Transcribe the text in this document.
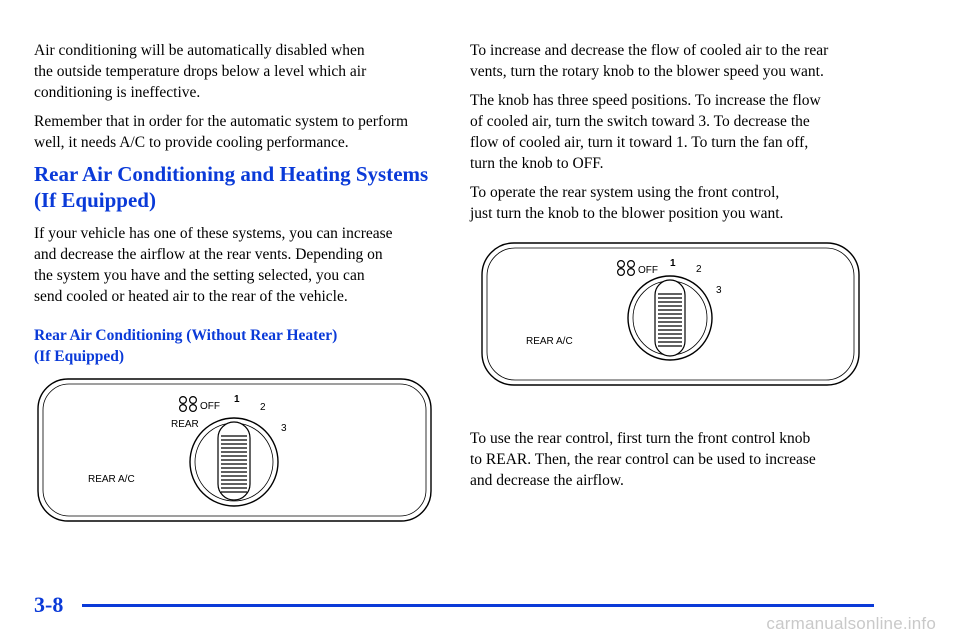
Air conditioning will be automatically disabled when
the outside temperature drops below a level which air
conditioning is ineffective.

Remember that in order for the automatic system to perform
well, it needs A/C to provide cooling performance.

Rear Air Conditioning and Heating Systems
(If Equipped)

If your vehicle has one of these systems, you can increase
and decrease the airflow at the rear vents. Depending on
the system you have and the setting selected, you can
send cooled or heated air to the rear of the vehicle.

Rear Air Conditioning (Without Rear Heater)
(If Equipped)

To increase and decrease the flow of cooled air to the rear
vents, turn the rotary knob to the blower speed you want.

The knob has three speed positions. To increase the flow
of cooled air, turn the switch toward 3. To decrease the
flow of cooled air, turn it toward 1. To turn the fan off,
turn the knob to OFF.

To operate the rear system using the front control,
just turn the knob to the blower position you want.

To use the rear control, first turn the front control knob
to REAR. Then, the rear control can be used to increase
and decrease the airflow.

OFF
REAR
1
2
3
REAR A/C
OFF
1
2
3
REAR A/C
3-8
carmanualsonline.info
